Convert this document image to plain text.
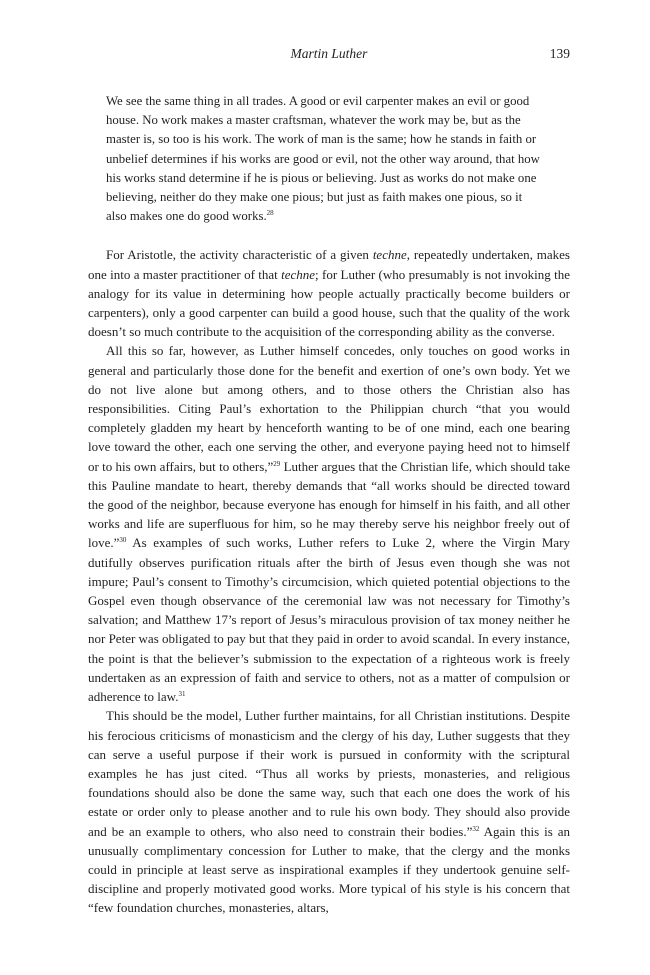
Martin Luther	139
We see the same thing in all trades. A good or evil carpenter makes an evil or good house. No work makes a master craftsman, whatever the work may be, but as the master is, so too is his work. The work of man is the same; how he stands in faith or unbelief determines if his works are good or evil, not the other way around, that how his works stand determine if he is pious or believing. Just as works do not make one believing, neither do they make one pious; but just as faith makes one pious, so it also makes one do good works.$^{28}$

For Aristotle, the activity characteristic of a given techne, repeatedly undertaken, makes one into a master practitioner of that techne; for Luther (who presumably is not invoking the analogy for its value in determining how people actually practically become builders or carpenters), only a good carpenter can build a good house, such that the quality of the work doesn’t so much contribute to the acquisition of the corresponding ability as the converse.

All this so far, however, as Luther himself concedes, only touches on good works in general and particularly those done for the benefit and exertion of one’s own body. Yet we do not live alone but among others, and to those others the Christian also has responsibilities. Citing Paul’s exhortation to the Philippian church “that you would completely gladden my heart by henceforth wanting to be of one mind, each one bearing love toward the other, each one serving the other, and everyone paying heed not to himself or to his own affairs, but to others,”$^{29}$ Luther argues that the Christian life, which should take this Pauline mandate to heart, thereby demands that “all works should be directed toward the good of the neighbor, because everyone has enough for himself in his faith, and all other works and life are superfluous for him, so he may thereby serve his neighbor freely out of love.”$^{30}$ As examples of such works, Luther refers to Luke 2, where the Virgin Mary dutifully observes purification rituals after the birth of Jesus even though she was not impure; Paul’s consent to Timothy’s circumcision, which quieted potential objections to the Gospel even though observance of the ceremonial law was not necessary for Timothy’s salvation; and Matthew 17’s report of Jesus’s miraculous provision of tax money neither he nor Peter was obligated to pay but that they paid in order to avoid scandal. In every instance, the point is that the believer’s submission to the expectation of a righteous work is freely undertaken as an expression of faith and service to others, not as a matter of compulsion or adherence to law.$^{31}$

This should be the model, Luther further maintains, for all Christian institutions. Despite his ferocious criticisms of monasticism and the clergy of his day, Luther suggests that they can serve a useful purpose if their work is pursued in conformity with the scriptural examples he has just cited. “Thus all works by priests, monasteries, and religious foundations should also be done the same way, such that each one does the work of his estate or order only to please another and to rule his own body. They should also provide and be an example to others, who also need to constrain their bodies.”$^{32}$ Again this is an unusually complimentary concession for Luther to make, that the clergy and the monks could in principle at least serve as inspirational examples if they undertook genuine self-discipline and properly motivated good works. More typical of his style is his concern that “few foundation churches, monasteries, altars,
